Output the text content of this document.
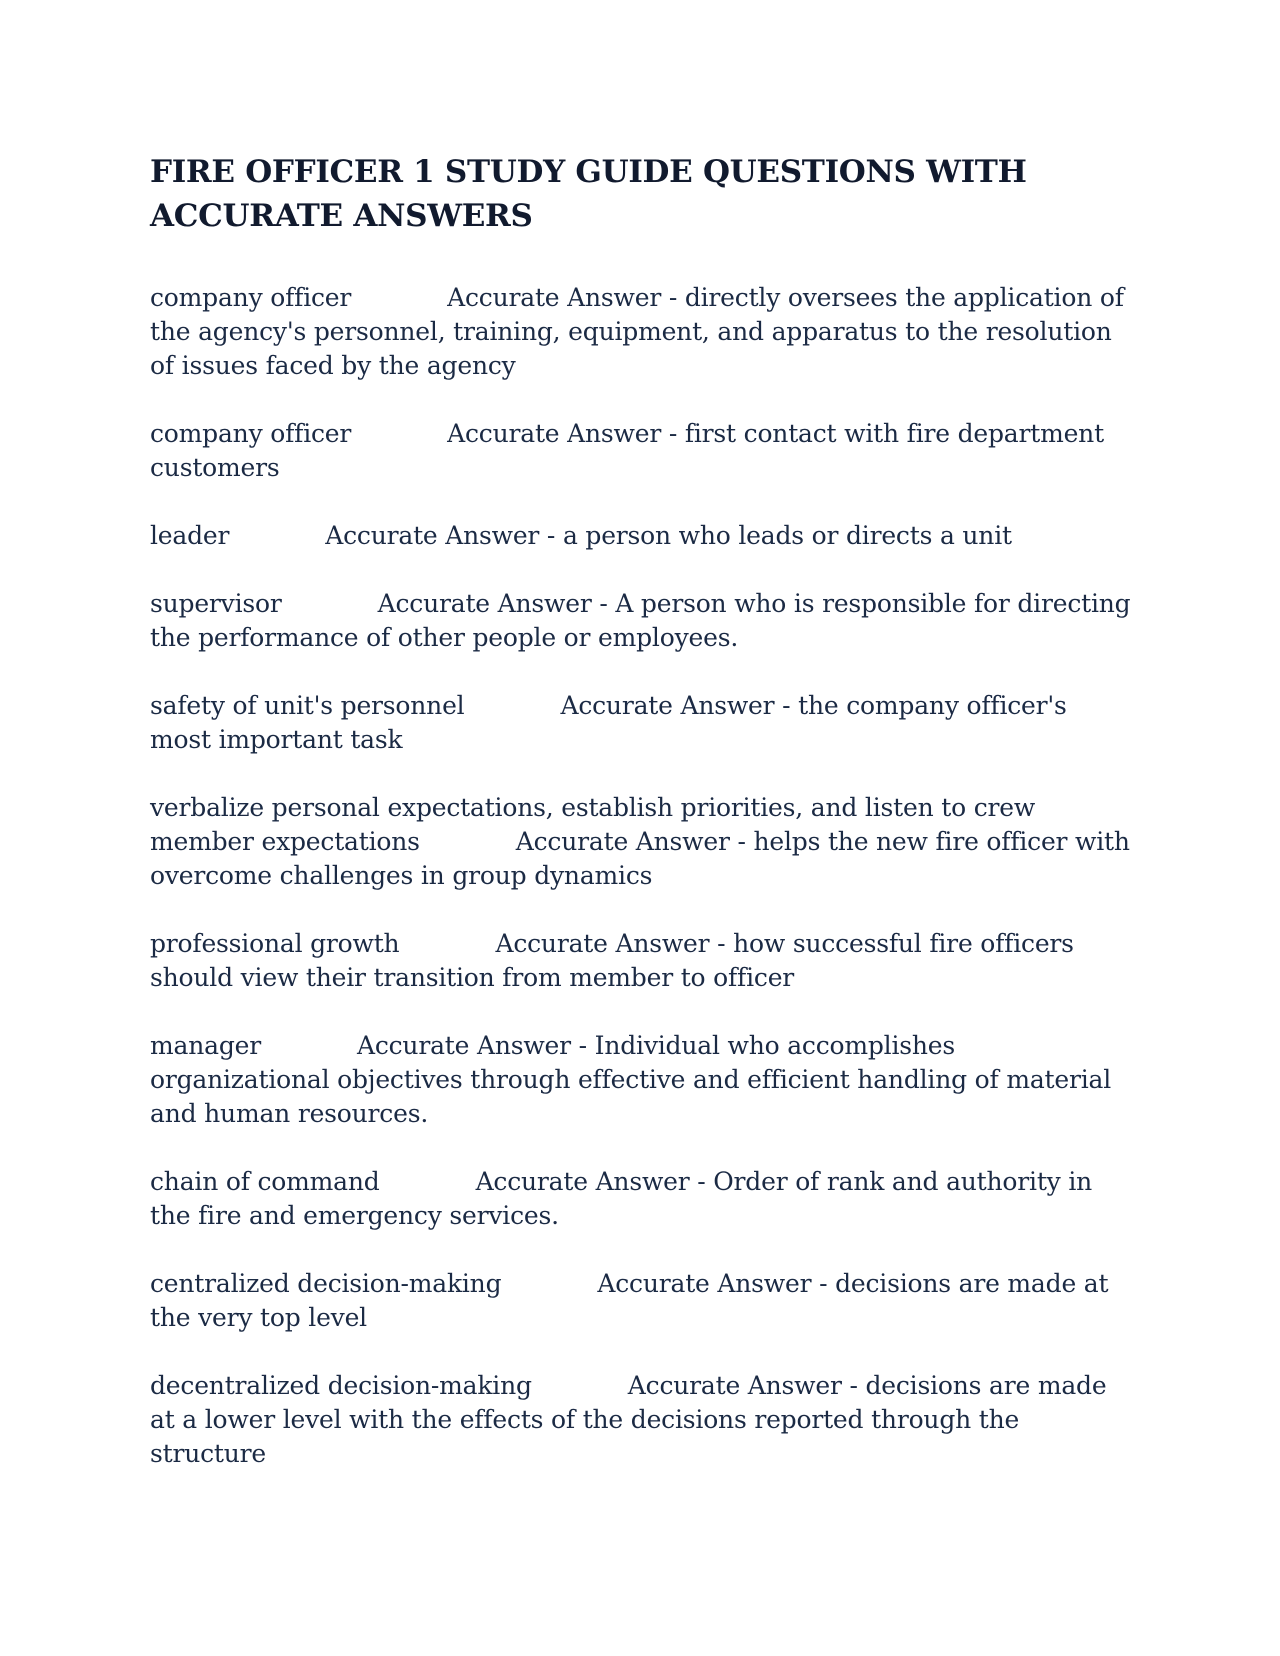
FIRE OFFICER 1 STUDY GUIDE QUESTIONS WITH ACCURATE ANSWERS

company officer	Accurate Answer - directly oversees the application of the agency's personnel, training, equipment, and apparatus to the resolution of issues faced by the agency

company officer	Accurate Answer - first contact with fire department customers

leader	Accurate Answer - a person who leads or directs a unit

supervisor	Accurate Answer - A person who is responsible for directing the performance of other people or employees.

safety of unit's personnel	Accurate Answer - the company officer's most important task

verbalize personal expectations, establish priorities, and listen to crew member expectations	Accurate Answer - helps the new fire officer with overcome challenges in group dynamics

professional growth	Accurate Answer - how successful fire officers should view their transition from member to officer

manager	Accurate Answer - Individual who accomplishes organizational objectives through effective and efficient handling of material and human resources.

chain of command	Accurate Answer - Order of rank and authority in the fire and emergency services.

centralized decision-making	Accurate Answer - decisions are made at the very top level

decentralized decision-making	Accurate Answer - decisions are made at a lower level with the effects of the decisions reported through the structure
